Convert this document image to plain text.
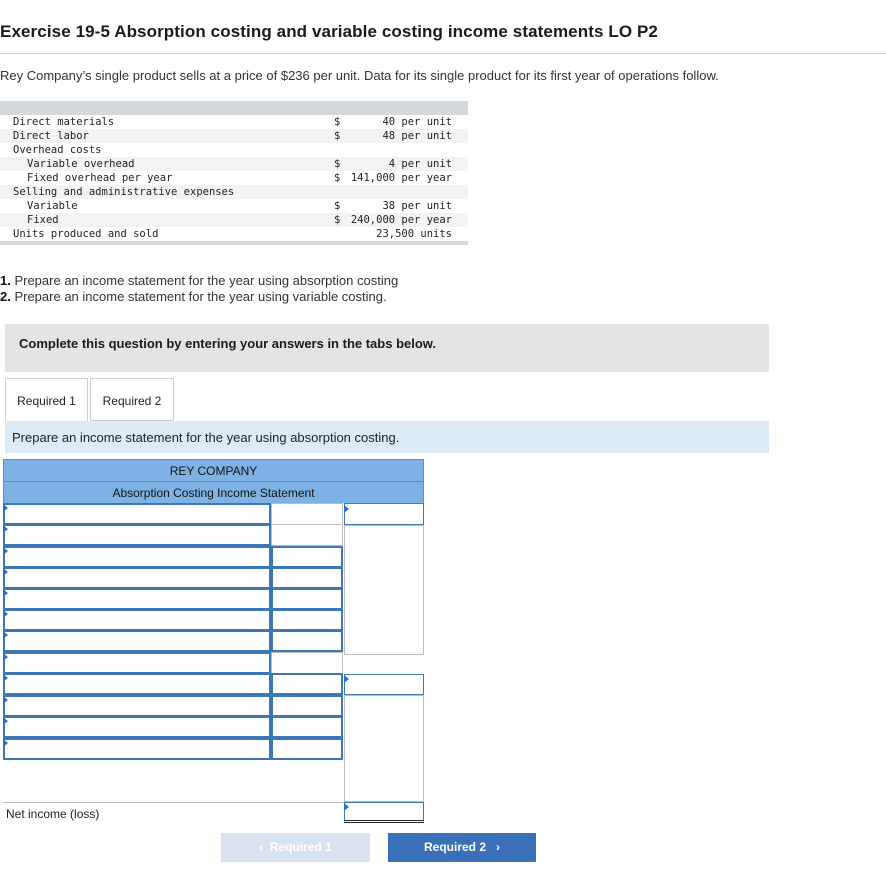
Exercise 19-5 Absorption costing and variable costing income statements LO P2
Rey Company’s single product sells at a price of $236 per unit. Data for its single product for its first year of operations follow.
Direct materials	$	40 per unit
Direct labor	$	48 per unit
Overhead costs
Variable overhead	$	4 per unit
Fixed overhead per year	$ 141,000 per year
Selling and administrative expenses
Variable	$	38 per unit
Fixed	$ 240,000 per year
Units produced and sold	23,500 units
1. Prepare an income statement for the year using absorption costing
2. Prepare an income statement for the year using variable costing.
Complete this question by entering your answers in the tabs below.
Required 1	Required 2
Prepare an income statement for the year using absorption costing.
REY COMPANY
Absorption Costing Income Statement
Net income (loss)
‹ Required 1	Required 2 ›
